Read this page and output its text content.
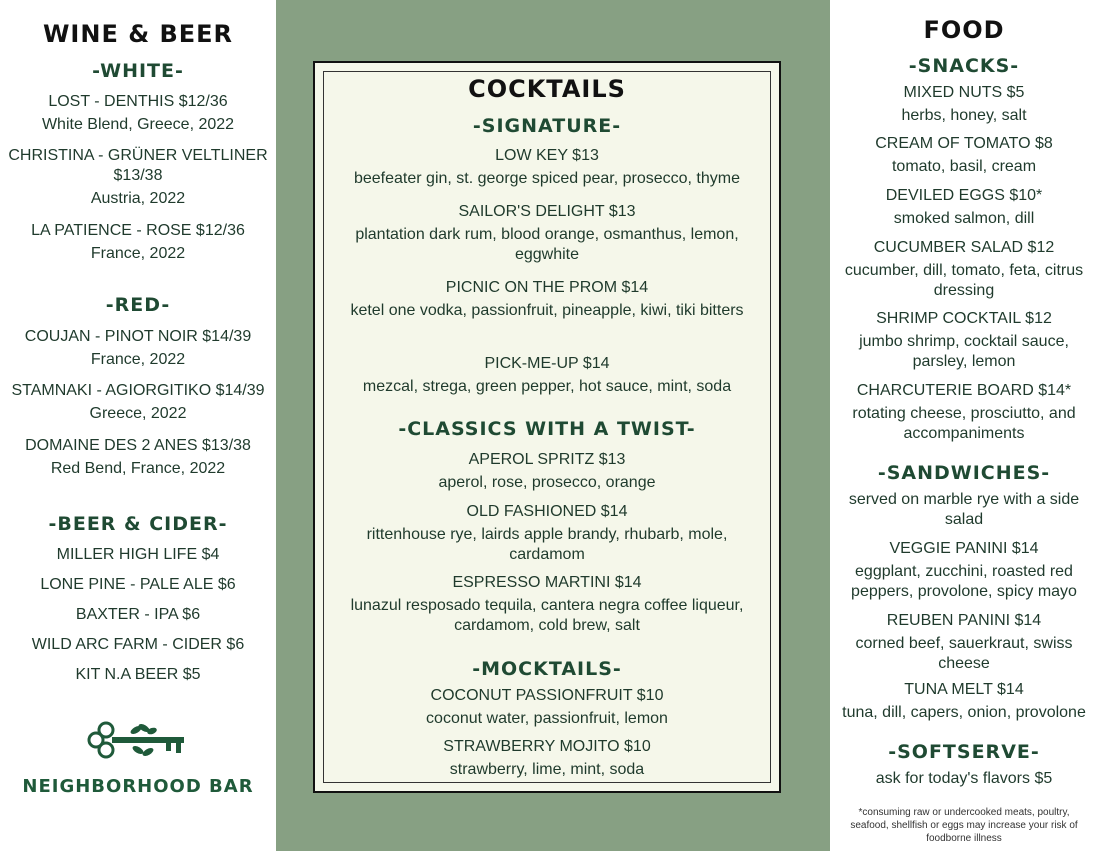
WINE & BEER
-WHITE-
LOST - DENTHIS $12/36
White Blend, Greece, 2022
CHRISTINA - GRÜNER VELTLINER $13/38
Austria, 2022
LA PATIENCE - ROSE $12/36
France, 2022
-RED-
COUJAN - PINOT NOIR $14/39
France, 2022
STAMNAKI - AGIORGITIKO $14/39
Greece, 2022
DOMAINE DES 2 ANES $13/38
Red Bend, France, 2022
-BEER & CIDER-
MILLER HIGH LIFE $4
LONE PINE - PALE ALE $6
BAXTER - IPA $6
WILD ARC FARM - CIDER $6
KIT N.A BEER $5
NEIGHBORHOOD BAR
COCKTAILS
-SIGNATURE-
LOW KEY $13
beefeater gin, st. george spiced pear, prosecco, thyme
SAILOR'S DELIGHT $13
plantation dark rum, blood orange, osmanthus, lemon, eggwhite
PICNIC ON THE PROM $14
ketel one vodka, passionfruit, pineapple, kiwi, tiki bitters
PICK-ME-UP $14
mezcal, strega, green pepper, hot sauce, mint, soda
-CLASSICS WITH A TWIST-
APEROL SPRITZ $13
aperol, rose, prosecco, orange
OLD FASHIONED $14
rittenhouse rye, lairds apple brandy, rhubarb, mole, cardamom
ESPRESSO MARTINI $14
lunazul resposado tequila, cantera negra coffee liqueur, cardamom, cold brew, salt
-MOCKTAILS-
COCONUT PASSIONFRUIT $10
coconut water, passionfruit, lemon
STRAWBERRY MOJITO $10
strawberry, lime, mint, soda
FOOD
-SNACKS-
MIXED NUTS $5
herbs, honey, salt
CREAM OF TOMATO $8
tomato, basil, cream
DEVILED EGGS $10*
smoked salmon, dill
CUCUMBER SALAD $12
cucumber, dill, tomato, feta, citrus dressing
SHRIMP COCKTAIL $12
jumbo shrimp, cocktail sauce, parsley, lemon
CHARCUTERIE BOARD $14*
rotating cheese, prosciutto, and accompaniments
-SANDWICHES-
served on marble rye with a side salad
VEGGIE PANINI $14
eggplant, zucchini, roasted red peppers, provolone, spicy mayo
REUBEN PANINI $14
corned beef, sauerkraut, swiss cheese
TUNA MELT $14
tuna, dill, capers, onion, provolone
-SOFTSERVE-
ask for today's flavors $5
*consuming raw or undercooked meats, poultry, seafood, shellfish or eggs may increase your risk of foodborne illness
